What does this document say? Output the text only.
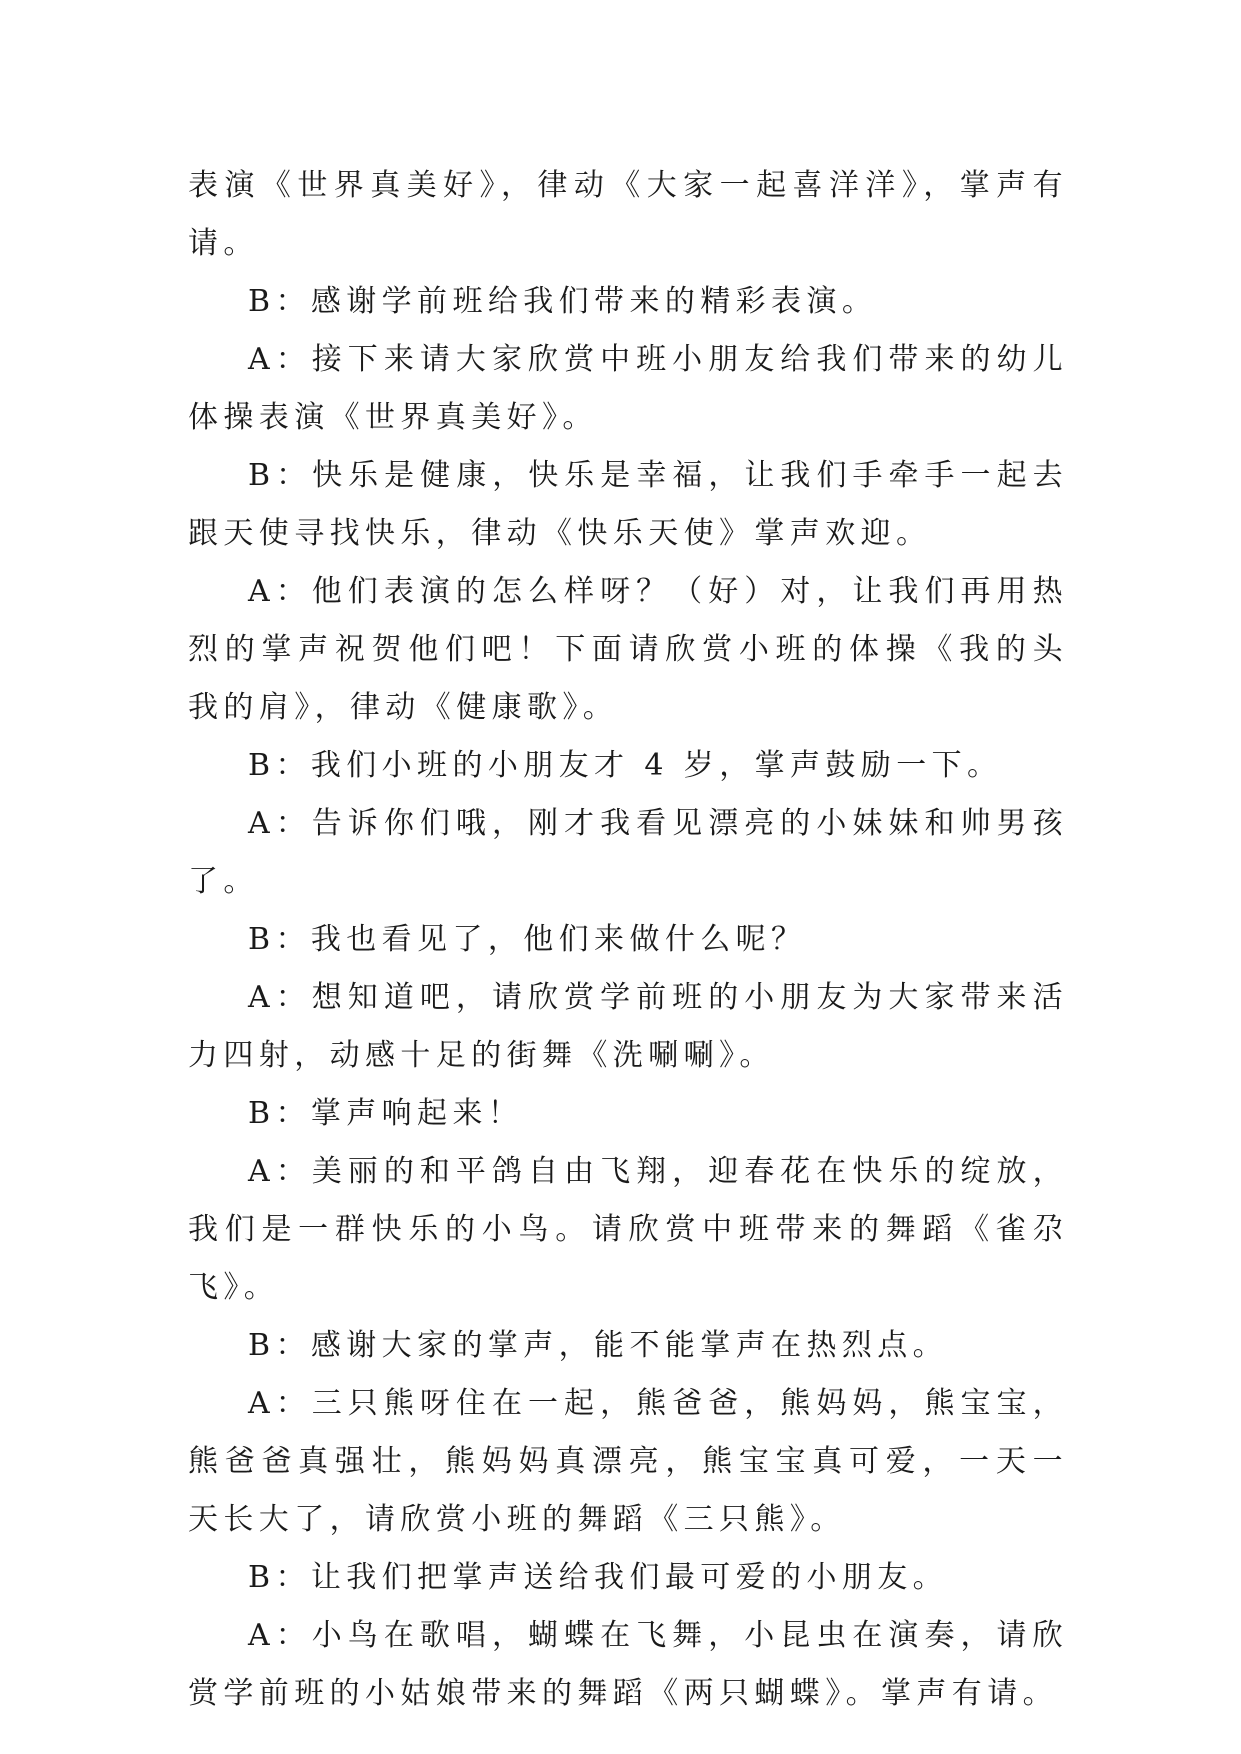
表演《世界真美好》，律动《大家一起喜洋洋》，掌声有请。

B：感谢学前班给我们带来的精彩表演。

A：接下来请大家欣赏中班小朋友给我们带来的幼儿体操表演《世界真美好》。

B：快乐是健康，快乐是幸福，让我们手牵手一起去跟天使寻找快乐，律动《快乐天使》掌声欢迎。

A：他们表演的怎么样呀？（好）对，让我们再用热烈的掌声祝贺他们吧！下面请欣赏小班的体操《我的头我的肩》，律动《健康歌》。

B：我们小班的小朋友才 4 岁，掌声鼓励一下。

A：告诉你们哦，刚才我看见漂亮的小妹妹和帅男孩了。

B：我也看见了，他们来做什么呢？

A：想知道吧，请欣赏学前班的小朋友为大家带来活力四射，动感十足的街舞《洗唰唰》。

B：掌声响起来！

A：美丽的和平鸽自由飞翔，迎春花在快乐的绽放，我们是一群快乐的小鸟。请欣赏中班带来的舞蹈《雀尕飞》。

B：感谢大家的掌声，能不能掌声在热烈点。

A：三只熊呀住在一起，熊爸爸，熊妈妈，熊宝宝，熊爸爸真强壮，熊妈妈真漂亮，熊宝宝真可爱，一天一天长大了，请欣赏小班的舞蹈《三只熊》。

B：让我们把掌声送给我们最可爱的小朋友。

A：小鸟在歌唱，蝴蝶在飞舞，小昆虫在演奏，请欣赏学前班的小姑娘带来的舞蹈《两只蝴蝶》。掌声有请。
